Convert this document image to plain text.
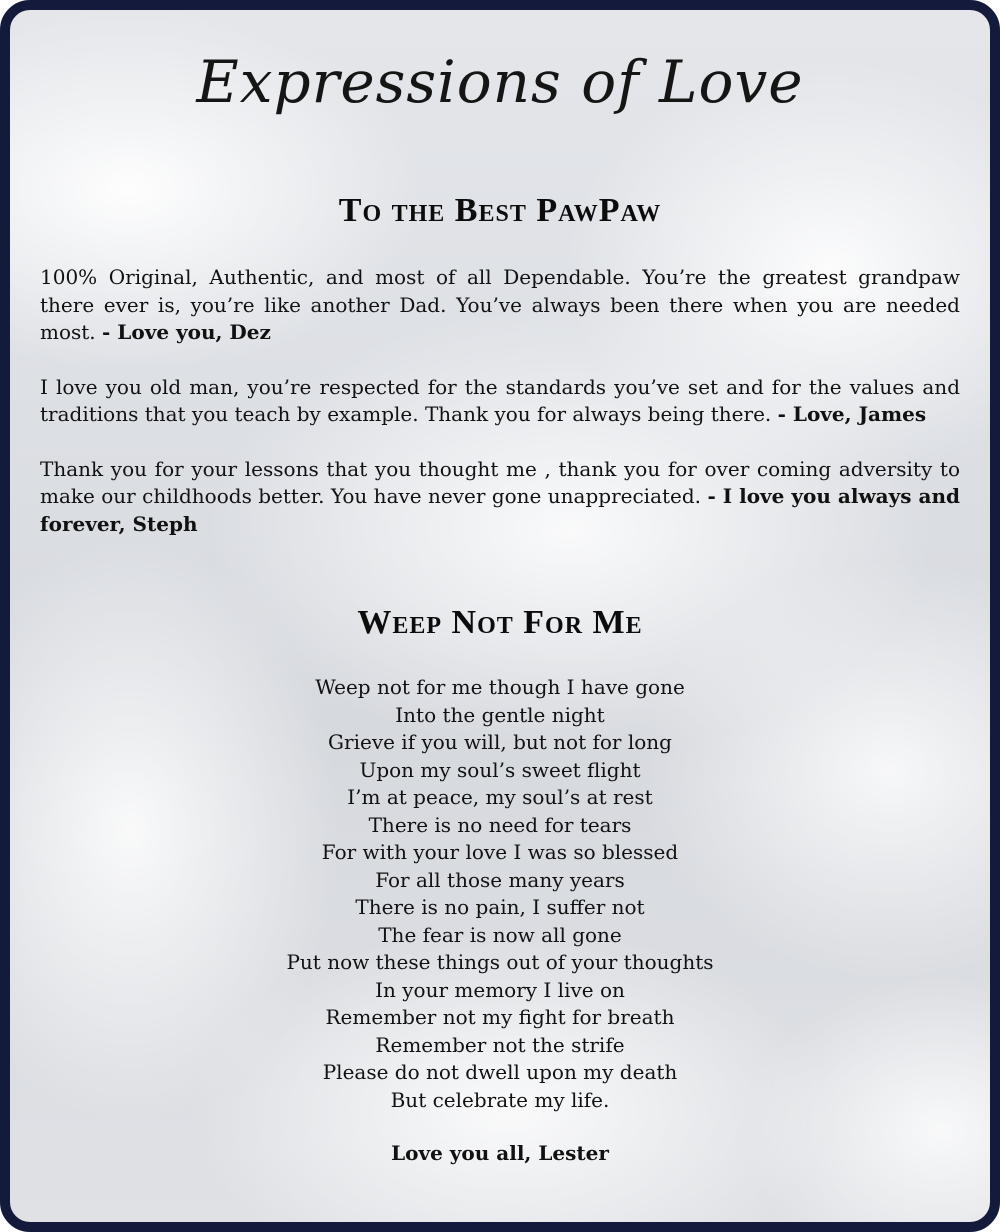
Expressions of Love
To the Best PawPaw

100% Original, Authentic, and most of all Dependable. You’re the greatest grandpaw there ever is, you’re like another Dad. You’ve always been there when you are needed most. - Love you, Dez

I love you old man, you’re respected for the standards you’ve set and for the values and traditions that you teach by example. Thank you for always being there. - Love, James

Thank you for your lessons that you thought me , thank you for over coming adversity to make our childhoods better. You have never gone unappreciated. - I love you always and forever, Steph

Weep Not For Me
Weep not for me though I have gone
Into the gentle night
Grieve if you will, but not for long
Upon my soul’s sweet flight
I’m at peace, my soul’s at rest
There is no need for tears
For with your love I was so blessed
For all those many years
There is no pain, I suffer not
The fear is now all gone
Put now these things out of your thoughts
In your memory I live on
Remember not my fight for breath
Remember not the strife
Please do not dwell upon my death
But celebrate my life.
Love you all, Lester
